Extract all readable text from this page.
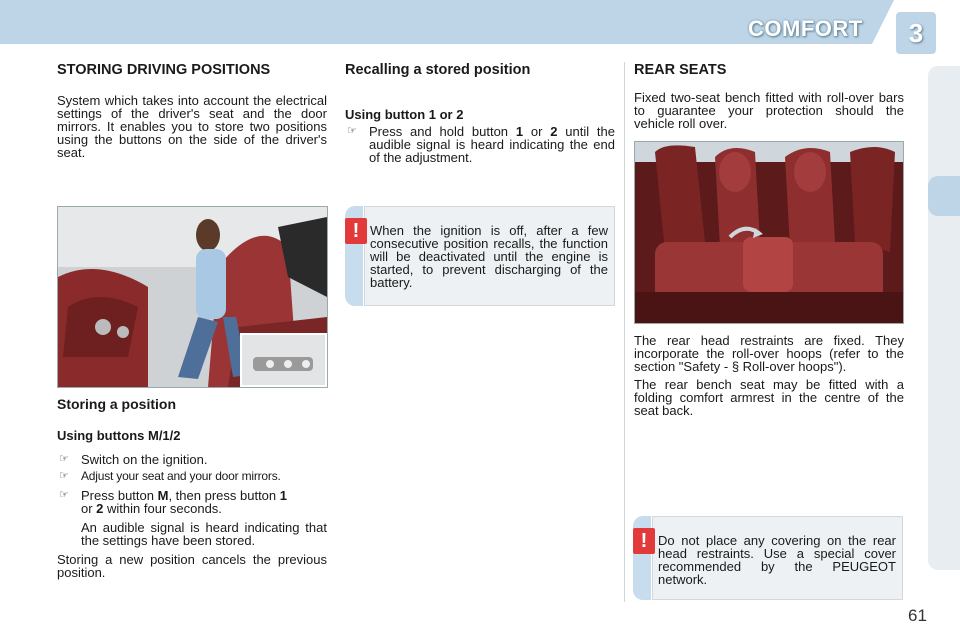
COMFORT	3
STORING DRIVING POSITIONS

System which takes into account the electrical settings of the driver's seat and the door mirrors. It enables you to store two positions using the buttons on the side of the driver's seat.

Storing a position
Using buttons M/1/2
☞ Switch on the ignition.
☞ Adjust your seat and your door mirrors.
☞ Press button M, then press button 1
or 2 within four seconds.

An audible signal is heard indicating that the settings have been stored.

Storing a new position cancels the previous position.

Recalling a stored position
Using button 1 or 2
☞ Press and hold button 1 or 2 until the audible signal is heard indicating the end of the adjustment.
! When the ignition is off, after a few consecutive position recalls, the function will be deactivated until the engine is started, to prevent discharging of the battery.
REAR SEATS

Fixed two-seat bench fitted with roll-over bars to guarantee your protection should the vehicle roll over.

The rear head restraints are fixed. They incorporate the roll-over hoops (refer to the section "Safety - § Roll-over hoops").

The rear bench seat may be fitted with a folding comfort armrest in the centre of the seat back.

! Do not place any covering on the rear head restraints. Use a special cover recommended by the PEUGEOT network.
61
